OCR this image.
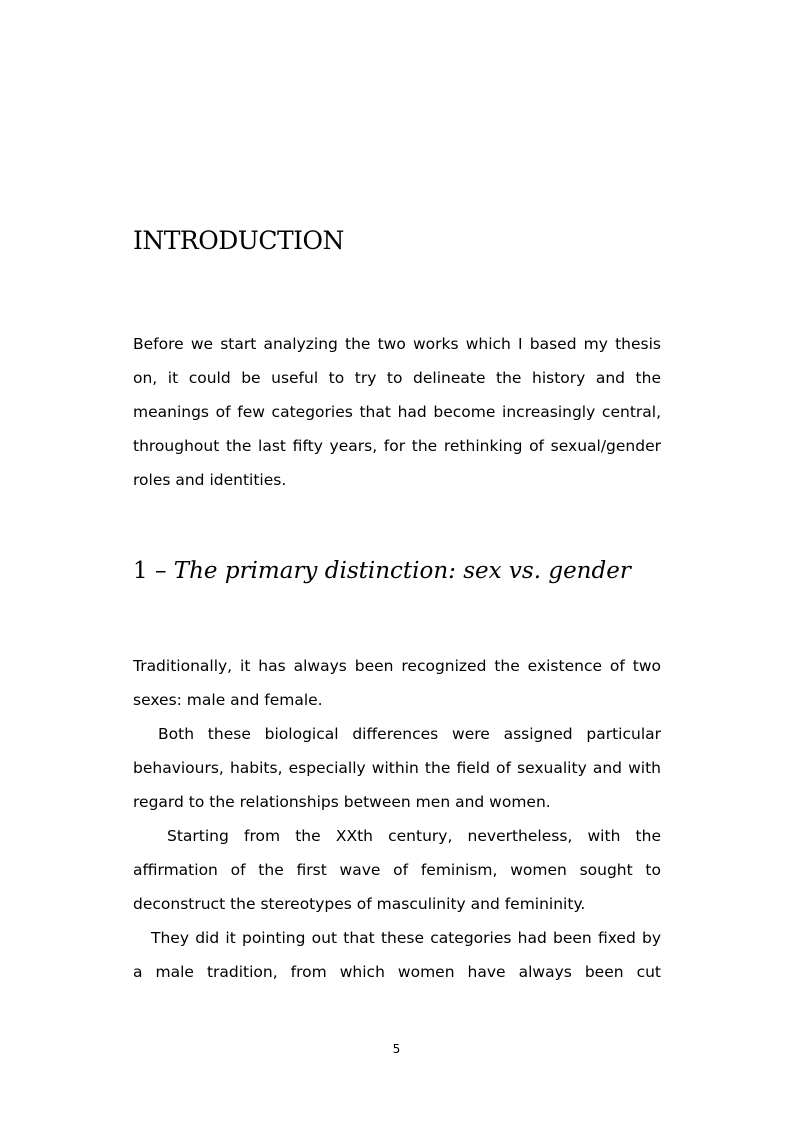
INTRODUCTION

Before we start analyzing the two works which I based my thesis on, it could be useful to try to delineate the history and the meanings of few categories that had become increasingly central, throughout the last fifty years, for the rethinking of sexual/gender roles and identities.

1 – The primary distinction: sex vs. gender

Traditionally, it has always been recognized the existence of two sexes: male and female.

Both these biological differences were assigned particular behaviours, habits, especially within the field of sexuality and with regard to the relationships between men and women.

Starting from the XXth century, nevertheless, with the affirmation of the first wave of feminism, women sought to deconstruct the stereotypes of masculinity and femininity.

They did it pointing out that these categories had been fixed by a male tradition, from which women have always been cut

5
